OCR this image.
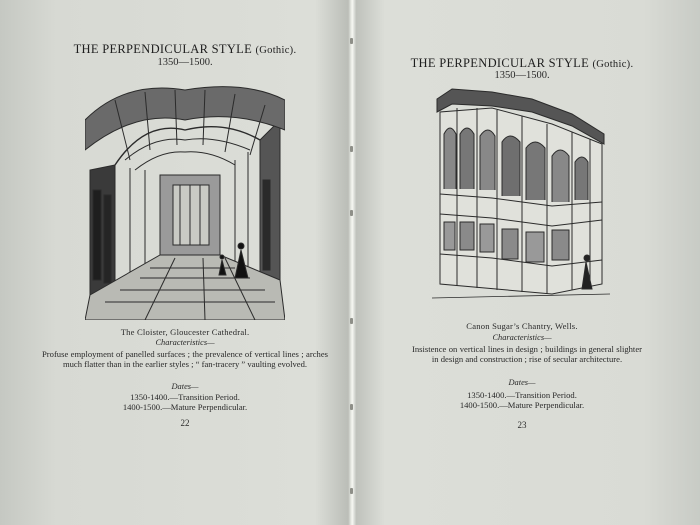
THE PERPENDICULAR STYLE (Gothic).
1350—1500.
The Cloister, Gloucester Cathedral.
Characteristics—
Profuse employment of panelled surfaces ; the prevalence of vertical lines ; arches much flatter than in the earlier styles ; “ fan-tracery ” vaulting evolved.
Dates—
1350-1400.—Transition Period.
1400-1500.—Mature Perpendicular.
22
THE PERPENDICULAR STYLE (Gothic).
1350—1500.
Canon Sugar’s Chantry, Wells.
Characteristics—
Insistence on vertical lines in design ; buildings in general slighter in design and construction ; rise of secular architecture.
Dates—
1350-1400.—Transition Period.
1400-1500.—Mature Perpendicular.
23
